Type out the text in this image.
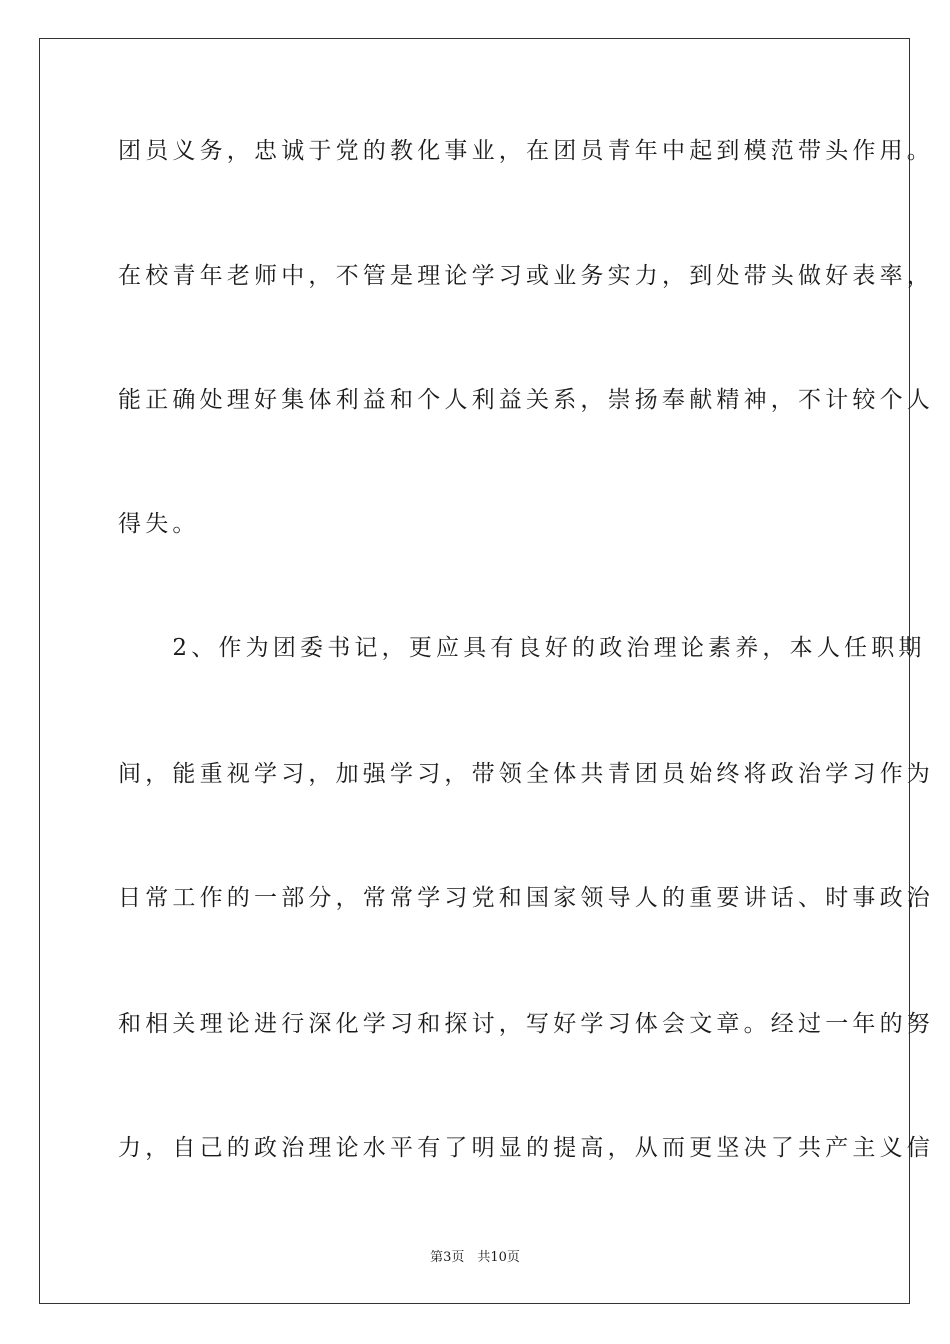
团员义务，忠诚于党的教化事业，在团员青年中起到模范带头作用。
在校青年老师中，不管是理论学习或业务实力，到处带头做好表率，
能正确处理好集体利益和个人利益关系，崇扬奉献精神，不计较个人
得失。
　　2、作为团委书记，更应具有良好的政治理论素养，本人任职期
间，能重视学习，加强学习，带领全体共青团员始终将政治学习作为
日常工作的一部分，常常学习党和国家领导人的重要讲话、时事政治
和相关理论进行深化学习和探讨，写好学习体会文章。经过一年的努
力，自己的政治理论水平有了明显的提高，从而更坚决了共产主义信
第3页　共10页
